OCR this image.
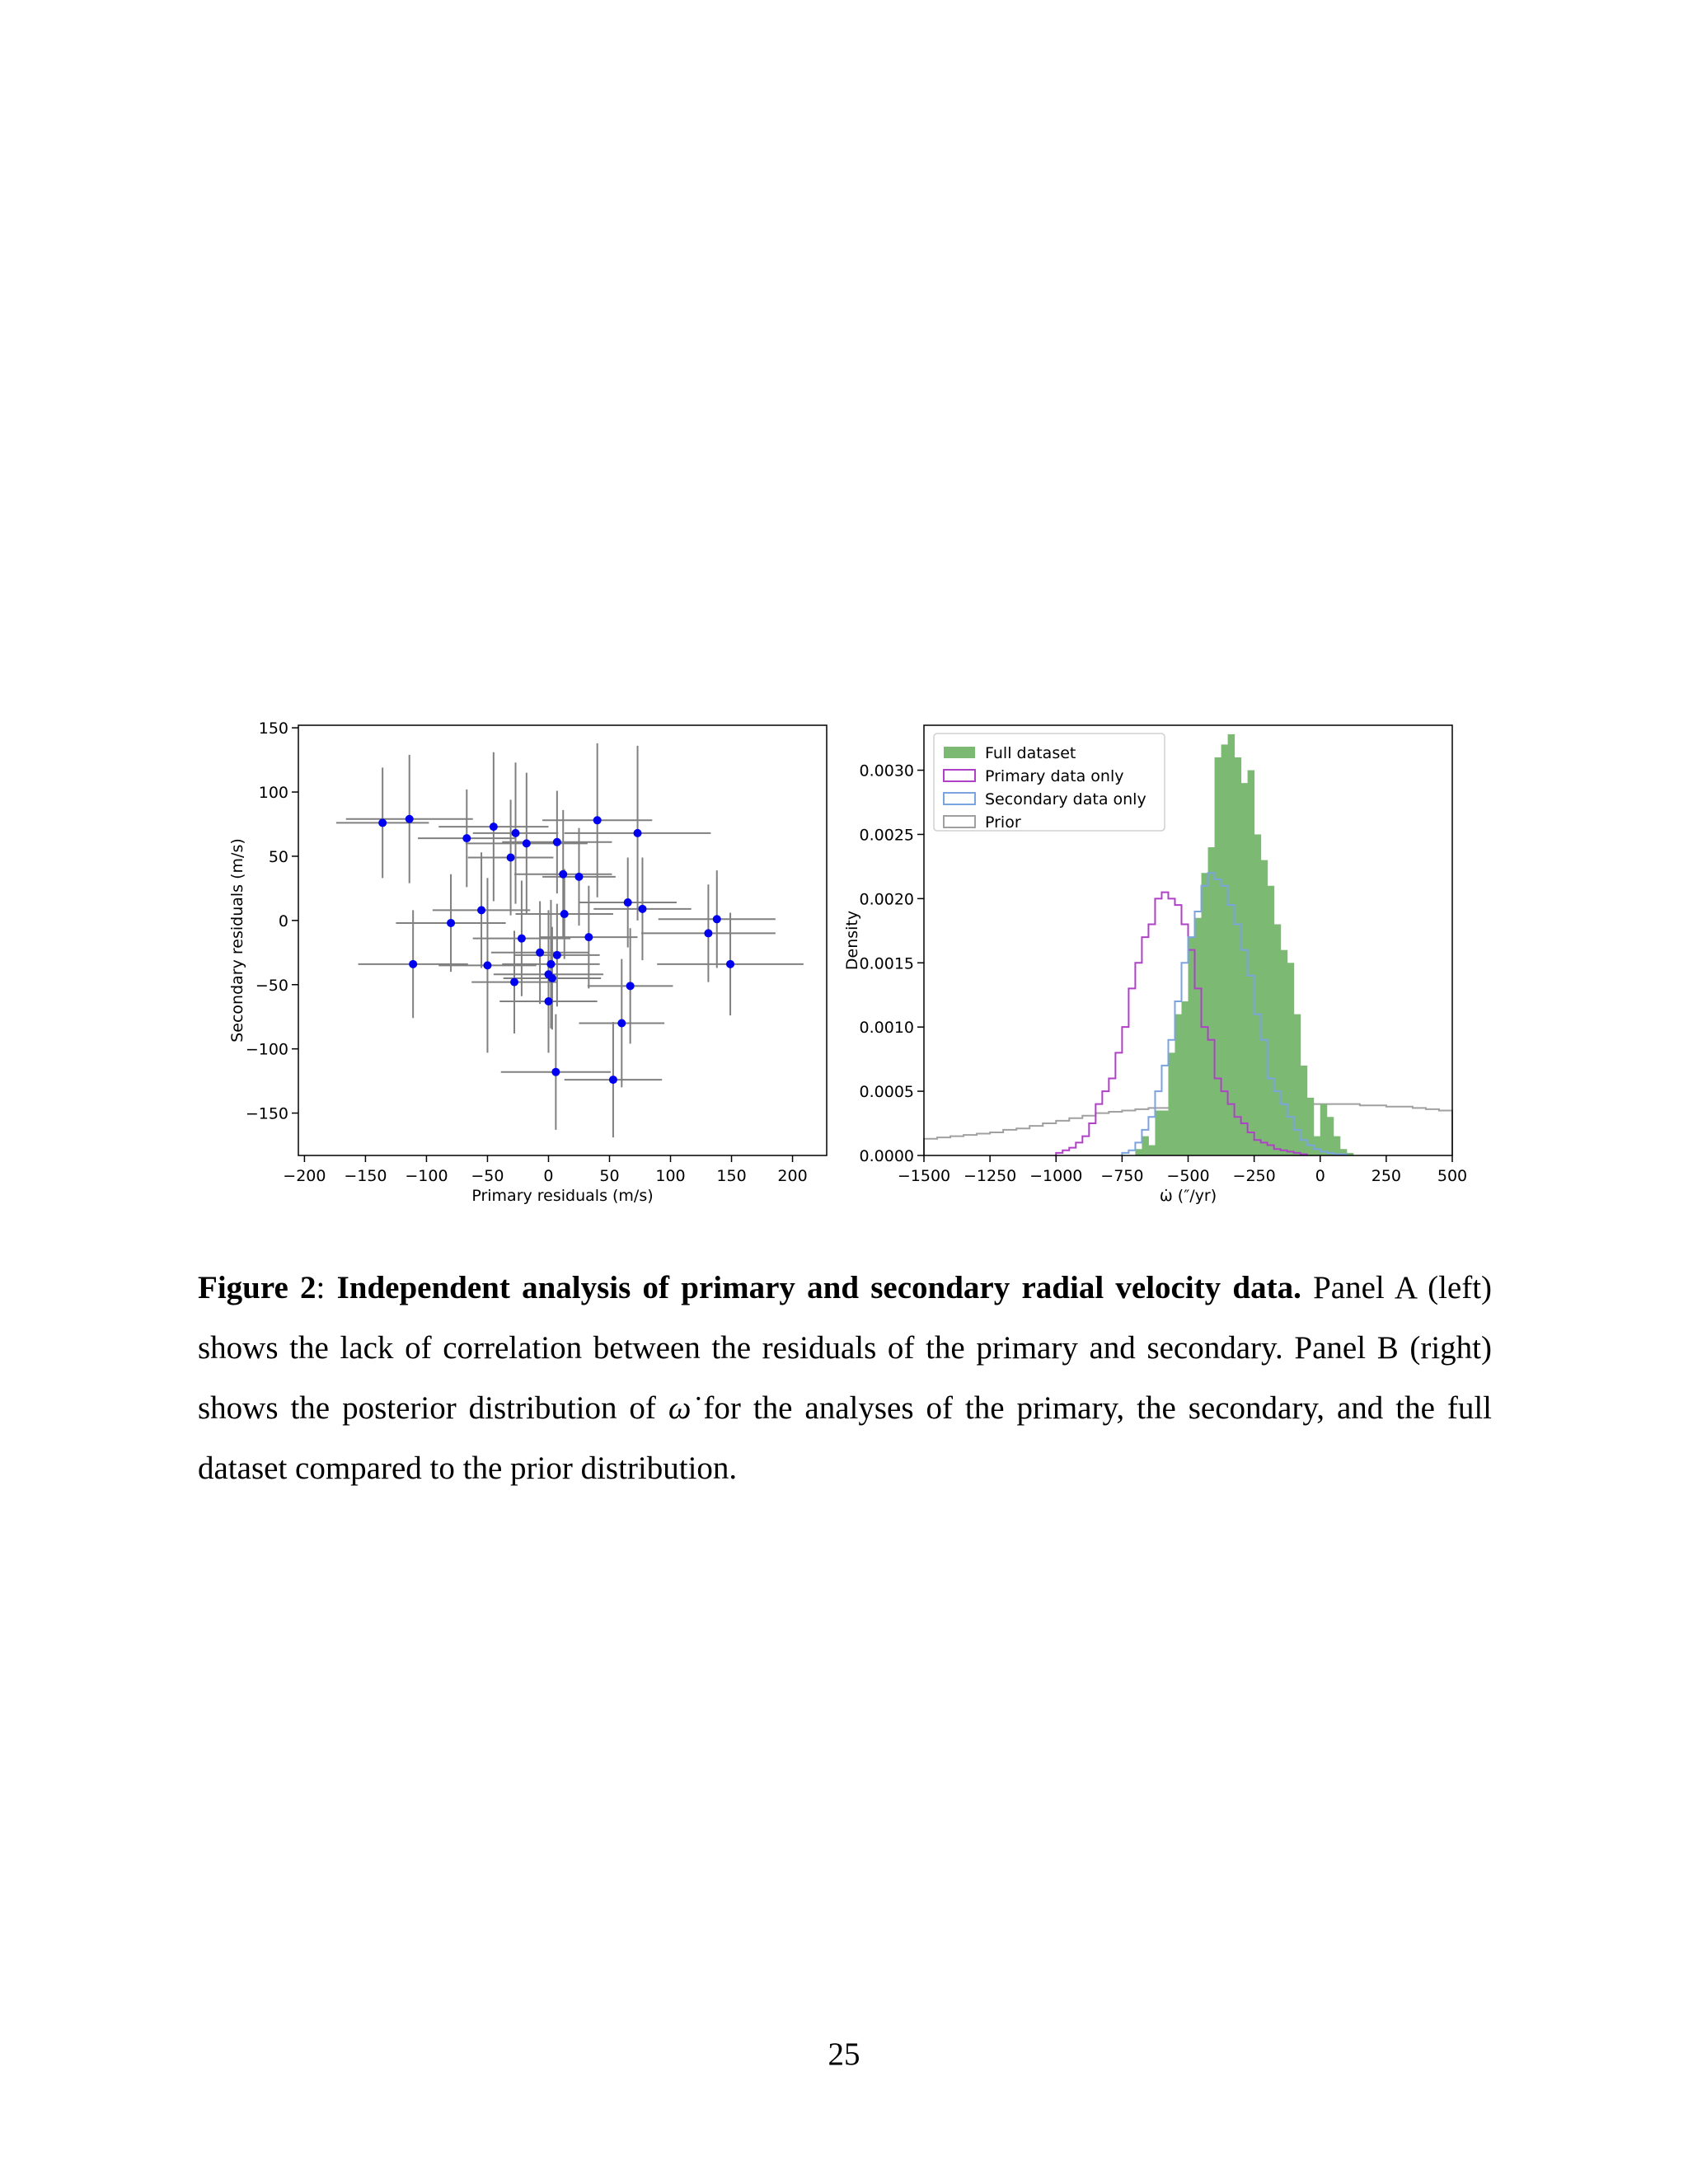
−200 −150 −100 −50	0	50 100 150 200
−150
−100
−50
0
50
100
150
Primary residuals (m/s)
Secondary residuals (m/s)
−1500 −1250 −1000 −750 −500 −250	0	250 500
0.0000
0.0005
0.0010
0.0015
0.0020
0.0025
0.0030
ω̇ (″/yr)
Density
Full dataset
Primary data only
Secondary data only
Prior
Figure 2: Independent analysis of primary and secondary radial velocity data. Panel A (left) shows the lack of correlation between the residuals of the primary and secondary. Panel B (right) shows the posterior distribution of ω̇ for the analyses of the primary, the secondary, and the full dataset compared to the prior distribution.
25
